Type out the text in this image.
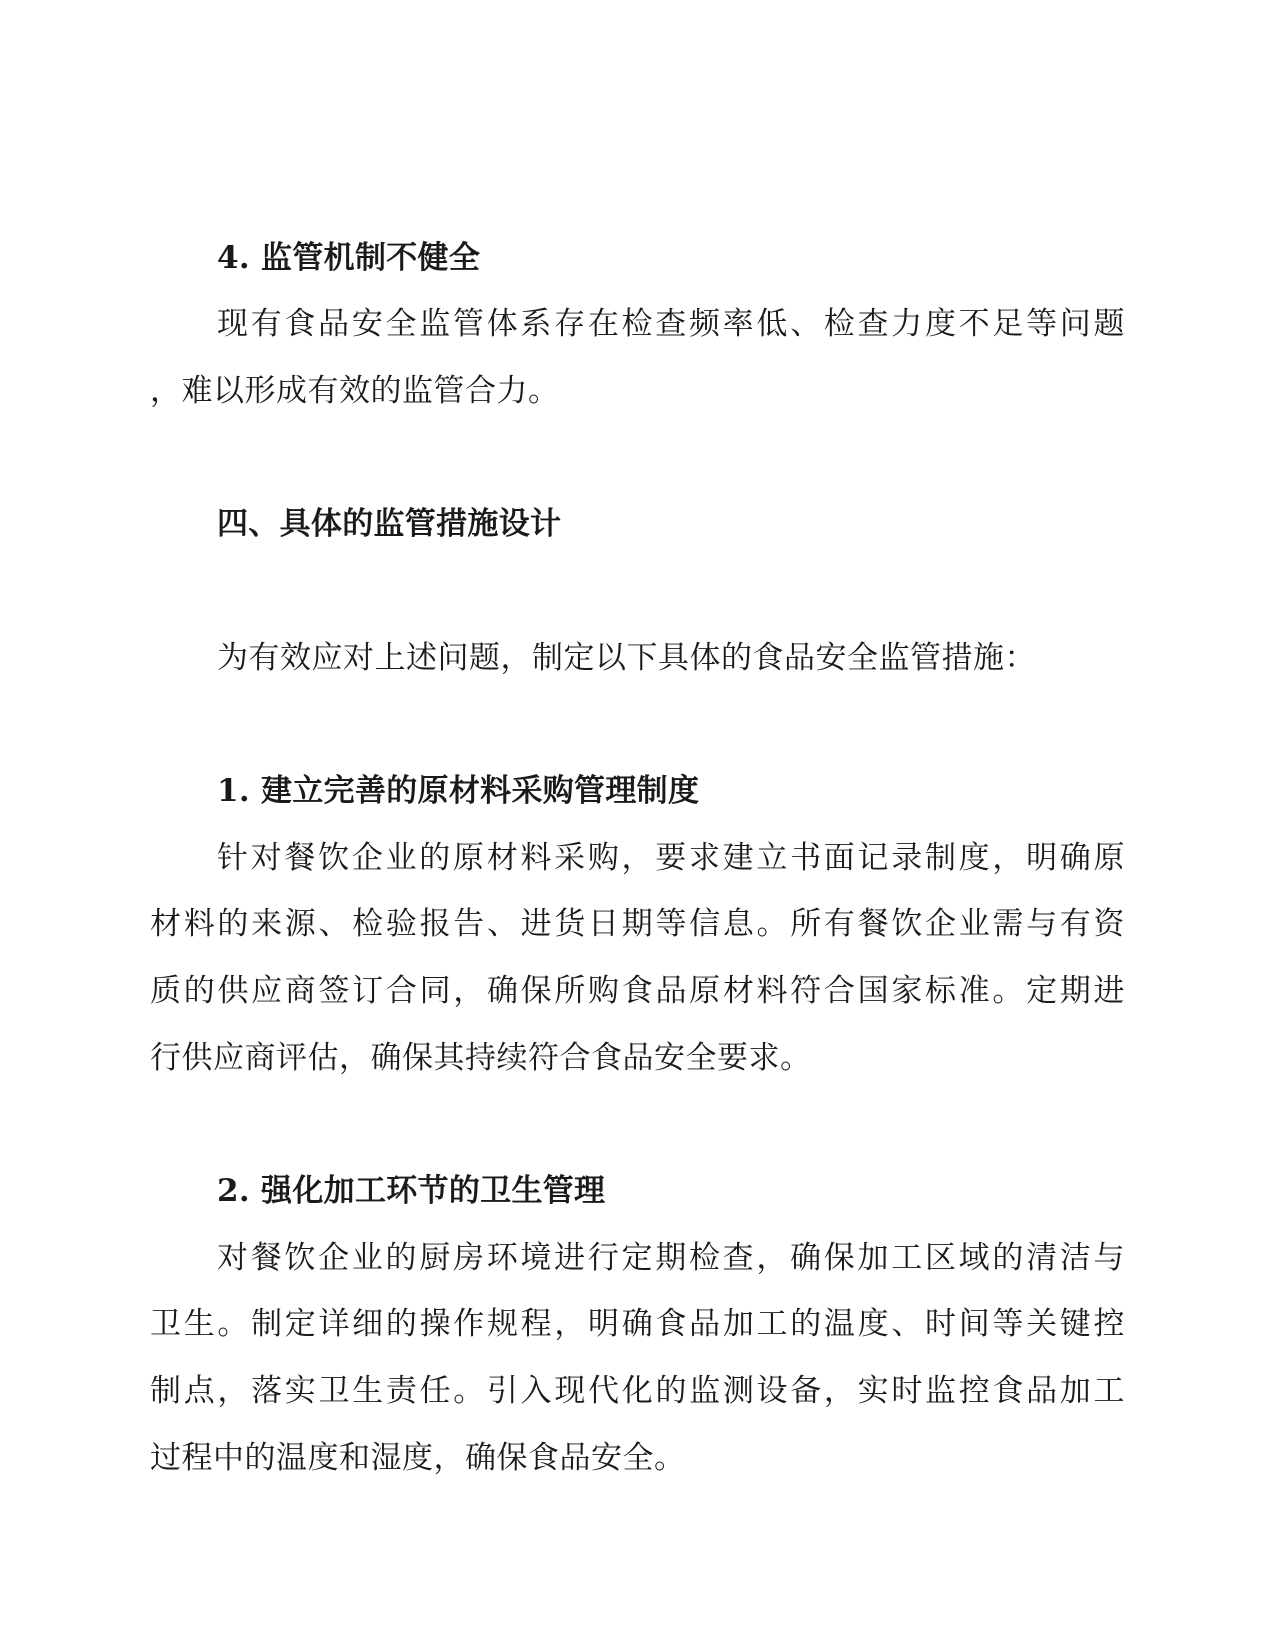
4. 监管机制不健全
现有食品安全监管体系存在检查频率低、检查力度不足等问题
，难以形成有效的监管合力。
四、具体的监管措施设计
为有效应对上述问题，制定以下具体的食品安全监管措施：
1. 建立完善的原材料采购管理制度
针对餐饮企业的原材料采购，要求建立书面记录制度，明确原
材料的来源、检验报告、进货日期等信息。所有餐饮企业需与有资
质的供应商签订合同，确保所购食品原材料符合国家标准。定期进
行供应商评估，确保其持续符合食品安全要求。
2. 强化加工环节的卫生管理
对餐饮企业的厨房环境进行定期检查，确保加工区域的清洁与
卫生。制定详细的操作规程，明确食品加工的温度、时间等关键控
制点，落实卫生责任。引入现代化的监测设备，实时监控食品加工
过程中的温度和湿度，确保食品安全。
